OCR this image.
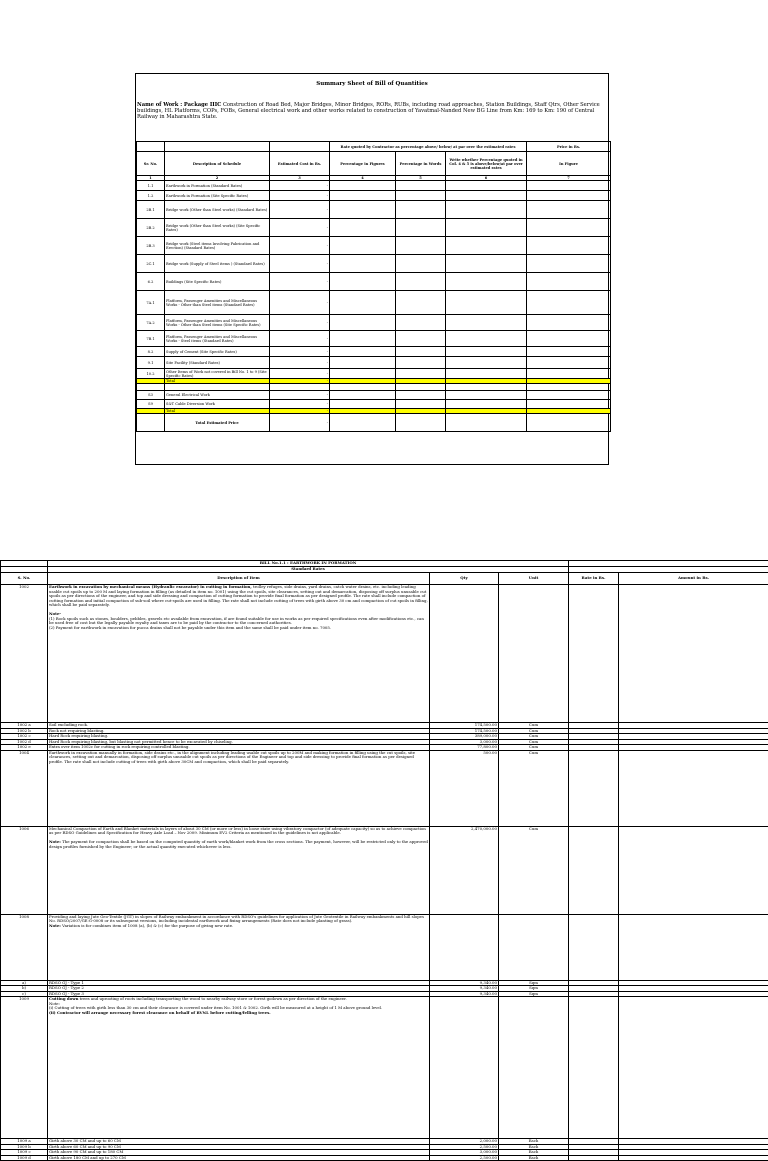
Summary Sheet of Bill of Quantities
Name of Work : Package IIIC Construction of Road Bed, Major Bridges, Minor Bridges, RORs, RUBs, including road approaches, Station Buildings, Staff Qtrs, Other Service buildings, HL Platforms, COPs, FOBs, General electrical work and other works related to construction of Yavatmal-Nanded New BG Line from Km: 169 to Km: 190 of Central Railway in Maharashtra State.
			Rate quoted by Contractor as percentage above/ below/ at par over the estimated rates			Price in Rs.
Sr. No.	Description of Schedule	Estimated Cost in Rs.	Percentage in Figures	Percentage in Words	Write whether Percentage quoted in Col. 4 & 5 is above/below/at par over estimated rates	In Figure
1	2	3	4	5	6	7
1.1	Earthwork in Formation (Standard Rates)	-				
1.2	Earthwork in Formation (Site Specific Rates)	-				
2B.1	Bridge work (Other than Steel works) (Standard Rates)	-				
2B.2	Bridge work (Other than Steel works) (Site Specific Rates)	-				
2B.3	Bridge work (Steel items Involving Fabrication and Erection) (Standard Rates)	-				
2C.1	Bridge work (Supply of Steel items ) (Standard Rates)	-				
6.2	Buildings (Site Specific Rates)	-				
7A.1	Platform, Passenger Amenities and Miscellaneous Works - Other than Steel items (Standard Rates)	-				
7A.2	Platform, Passenger Amenities and Miscellaneous Works - Other than Steel items (Site Specific Rates)	-				
7B.1	Platform, Passenger Amenities and Miscellaneous Works - Steel items (Standard Rates)	-				
8.2	Supply of Cement (Site Specific Rates)	-				
9.1	Site Facility (Standard Rates)	-				
10.2	Other Items of Work not covered in Bill No. 1 to 9 (Site Specific Rates)	-				
	Total	-				

S3	General Electrical Work	-				
S9	S&T Cable Diversion Work	-				
	Total	-				
	Total Estimated Price	-				-
	BILL No.1.1 : EARTHWORK IN FORMATION				
	Standard Rates				
S. No.	Description of Item	Qty	Unit	Rate in Rs.	Amount in Rs.
1002	Earthwork in excavation by mechanical means (Hydraulic excavator) in cutting in formation, trolley refuges, side drains, yard drains, catch water drains, etc. including leading usable cut spoils up to 200 M and laying formation in filling (as detailed in item no. 1001) using the cut spoils, site clearances, setting out and demarcation, disposing off surplus unusable cut spoils as per directions of the engineer, and top and side dressing and compaction of cutting formation to provide final formation as per designed profile. The rate shall include compaction of cutting formation and initial compaction of sub-soil where cut-spoils are used in filling. The rate shall not include cutting of trees with girth above 30 cm and compaction of cut spoils in filling, which shall be paid separately.

Note-
(1) Rock spoils such as stones, boulders, pebbles, gravels etc available from excavation, if are found suitable for use in works as per required specifications even after modifications etc., can be used free of cost but the legally payable royalty and taxes are to be paid by the contractor to the concerned authorities.
(2) Payment for earthwork in excavation for pucca drains shall not be payable under this item and the same shall be paid under item no. 7005.				
1002 a	Soil excluding rock.	174,500.00	Cum		
1002 b	Rock not requiring blasting.	174,500.00	Cum		
1002 c	Hard Rock requiring blasting.	389,000.00	Cum		
1002 d	Hard Rock requiring blasting, but blasting not permitted hence to be excavated by chiseling.	3,000.00	Cum		
1002 e	Extra over item 1002c for cutting in rock requiring controlled blasting.	77,800.00	Cum		
1004	Earthwork in excavation manually in formation, side drains etc., in the alignment including leading usable cut spoils up to 200M and making formation in filling using the cut spoils, site clearances, setting out and demarcation, disposing off surplus unusable cut spoils as per directions of the Engineer and top and side dressing to provide final formation as per designed profile. The rate shall not include cutting of trees with girth above 30CM and compaction, which shall be paid separately.	500.00	Cum		
1006	Mechanical Compaction of Earth and Blanket materials in layers of about 30 CM (or more or less) in loose state using vibratory compactor (of adequate capacity) so as to achieve compaction as per RDSO Guidelines and Specification for Heavy Axle Load – Nov 2009. Minimum EV2 Criteria as mentioned in the guidelines is not applicable.

Note: The payment for compaction shall be based on the computed quantity of earth work/blanket work from the cross sections. The payment, however, will be restricted only to the approved design profiles furnished by the Engineer; or the actual quantity executed whichever is less.	2,470,000.00	Cum		
1008	Providing and laying Jute Geo-Textile (JGT) in slopes of Railway embankment in accordance with RDSO's guidelines for application of Jute Geotextile in Railway embankments and hill slopes No. RDSO/2007/GE:G-0008 or its subsequent versions, including incidental earthwork and fixing arrangements (Rate does not include planting of grass).
Note: Variation is for combines item of 1008 (a), (b) & (c) for the purpose of giving new rate.				
a)	RDSO GJ - Type 1	9,340.00	Sqm		
b)	RDSO GJ - Type 2	9,340.00	Sqm		
c)	RDSO GJ - Type 3	9,340.00	Sqm		
1009	Cutting down trees and uprooting of roots including transporting the wood to nearby railway store or forest godown as per direction of the engineer.
Note:
(i) Cutting of trees with girth less than 30 cm and their clearance is covered under item No. 1001 & 1002. Girth will be measured at a height of 1 M above ground level.
(ii) Contractor will arrange necessary forest clearance on behalf of RVNL before cutting/felling trees.				
1009 a	Girth above 30 CM and up to 60 CM	2,000.00	Each		
1009 b	Girth above 60 CM and up to 90 CM	2,500.00	Each		
1009 c	Girth above 90 CM and up to 180 CM	3,000.00	Each		
1009 d	Girth above 180 CM and up to 270 CM	2,500.00	Each		
